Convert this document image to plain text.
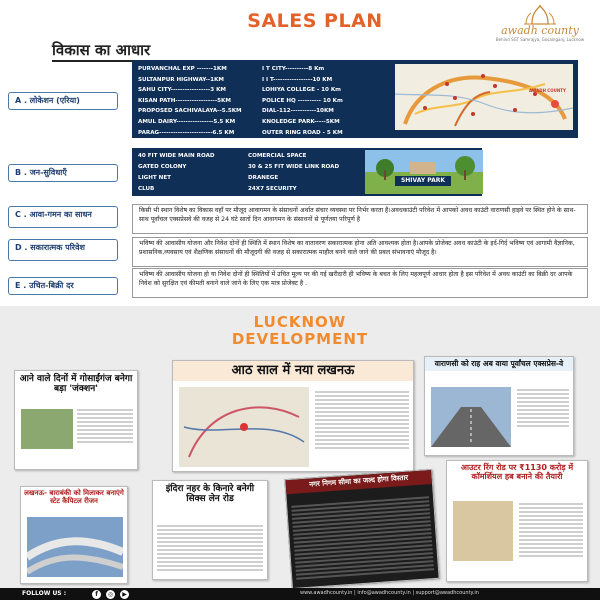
SALES PLAN	awadh county
Behind SGT Samrajya, Gosainganj, Lucknow
विकास का आधार
A . लोकेशन (एरिया)
PURVANCHAL EXP -------1KM	I T CITY----------8 Km
SULTANPUR HIGHWAY--1KM	I I T-----------------10 KM
SAHU CITY-----------------3 KM	LOHIYA COLLEGE - 10 Km
KISAN PATH------------------5KM	POLICE HQ ---------- 10 Km
PROPOSED SACHIVALAYA--5.5KM	DIAL-112-----------10KM
AMUL DAIRY----------------5.5 KM	KNOLEDGE PARK-----5KM
PARAG-----------------------6.5 KM	OUTER RING ROAD - 5 KM
AWADH COUNTY
B . जन-सुविधाएँ
40 FIT WIDE MAIN ROAD	COMERCIAL SPACE
GATED COLONY	30 & 25 FIT WIDE LINK ROAD
LIGHT NET	DRANEGE
CLUB	24X7 SECURITY
SHIVAY PARK
C . आवा-गमन का साधन	किसी भी स्थान विशेष का विकास वहाँ पर मौजूद आवागमन के संसाधनों अर्थात संचार व्यवस्था पर निर्भर करता है।अवधकाउंटी परिवेश में आपको अवध काउंटी वाराणसी हाइवे पर स्थित होने के साथ-साथ पूर्वांचल एक्सप्रेसवे की वजह से 24 घंटे सातों दिन आवागमन के संसाधनों से पूर्णतया परिपूर्ण है
D . सकारात्मक परिवेश	भविष्य की आवासीय योजना और निवेश दोनों ही स्थिति में स्थान विशेष का वातावरण सकारात्मक होना अति आवश्यक होता है।आपके प्रोजेक्ट अवध काउंटी के इर्द-गिर्द भविष्य एवं आगामी वैज्ञानिक, प्रशासनिक,व्यवसाय एवं शैक्षणिक संसाधनों की मौजूदगी की वजह से सकारात्मक माहौल बनने वाले जाने की प्रबल संभावनाएं मौजूद है।
E . उचित-बिक्री दर
भविष्य की आवासीय योजना हो या निवेश दोनों ही स्थितियों में उचित मूल्य पर की गई खरीदारी ही भविष्य के बचत के लिए महत्वपूर्ण आधार होता है इस परिवेश में अवध काउंटी का बिक्री दर आपके निवेश को सुरक्षित एवं कीमती बनाने वाले जाने के लिए एक मात्र प्रोजेक्ट है .
LUCKNOW
DEVELOPMENT
आने वाले दिनों में गोसाईंगंज बनेगा बड़ा 'जंक्शन'
आठ साल में नया लखनऊ	वाराणसी को राह अब वाया पूर्वांचल एक्सप्रेस-वे
लखनऊ- बाराबंकी को मिलाकर बनाएंगे स्टेट कैपिटल रीजन
इंदिरा नहर के किनारे बनेगी सिक्स लेन रोड
नगर निगम सीमा का जल्द होगा विस्तार
आउटर रिंग रोड पर ₹1130 करोड़ में कॉमर्शियल हब बनाने की तैयारी
FOLLOW US :	f	◎	▶	www.awadhcounty.in | info@awadhcounty.in | support@awadhcounty.in
